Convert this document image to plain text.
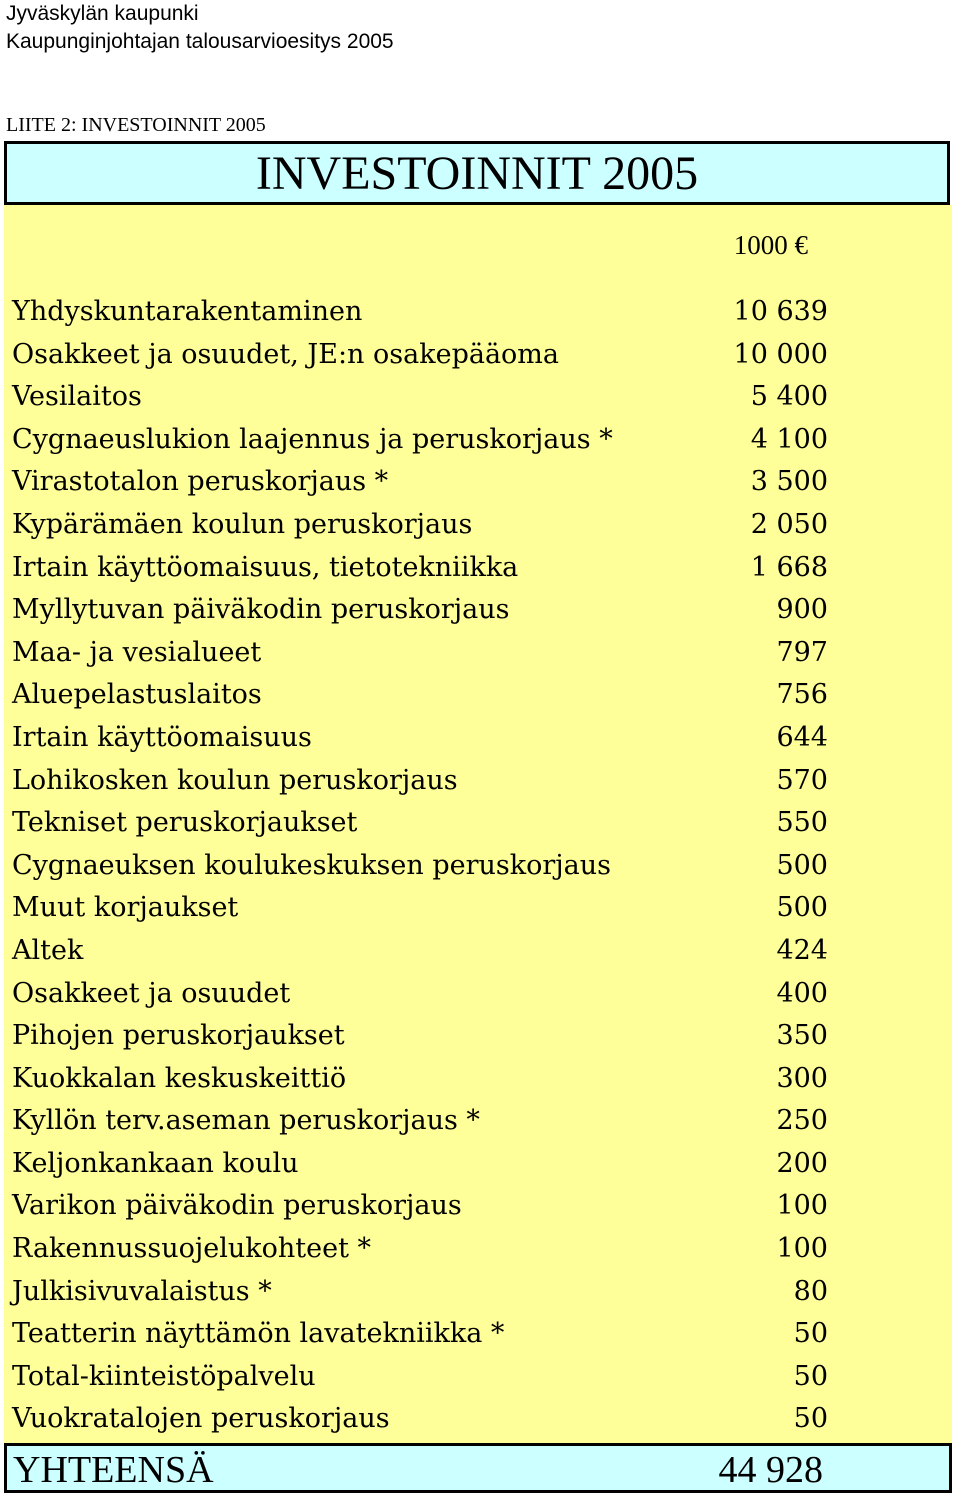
Jyväskylän kaupunki
Kaupunginjohtajan talousarvioesitys 2005
LIITE 2: INVESTOINNIT 2005
INVESTOINNIT 2005
1000 €
Yhdyskuntarakentaminen	10 639
Osakkeet ja osuudet, JE:n osakepääoma	10 000
Vesilaitos	5 400
Cygnaeuslukion laajennus ja peruskorjaus *	4 100
Virastotalon peruskorjaus *	3 500
Kypärämäen koulun peruskorjaus	2 050
Irtain käyttöomaisuus, tietotekniikka	1 668
Myllytuvan päiväkodin peruskorjaus	900
Maa- ja vesialueet	797
Aluepelastuslaitos	756
Irtain käyttöomaisuus	644
Lohikosken koulun peruskorjaus	570
Tekniset peruskorjaukset	550
Cygnaeuksen koulukeskuksen peruskorjaus	500
Muut korjaukset	500
Altek	424
Osakkeet ja osuudet	400
Pihojen peruskorjaukset	350
Kuokkalan keskuskeittiö	300
Kyllön terv.aseman peruskorjaus *	250
Keljonkankaan koulu	200
Varikon päiväkodin peruskorjaus	100
Rakennussuojelukohteet *	100
Julkisivuvalaistus *	80
Teatterin näyttämön lavatekniikka *	50
Total-kiinteistöpalvelu	50
Vuokratalojen peruskorjaus	50
YHTEENSÄ	44 928
